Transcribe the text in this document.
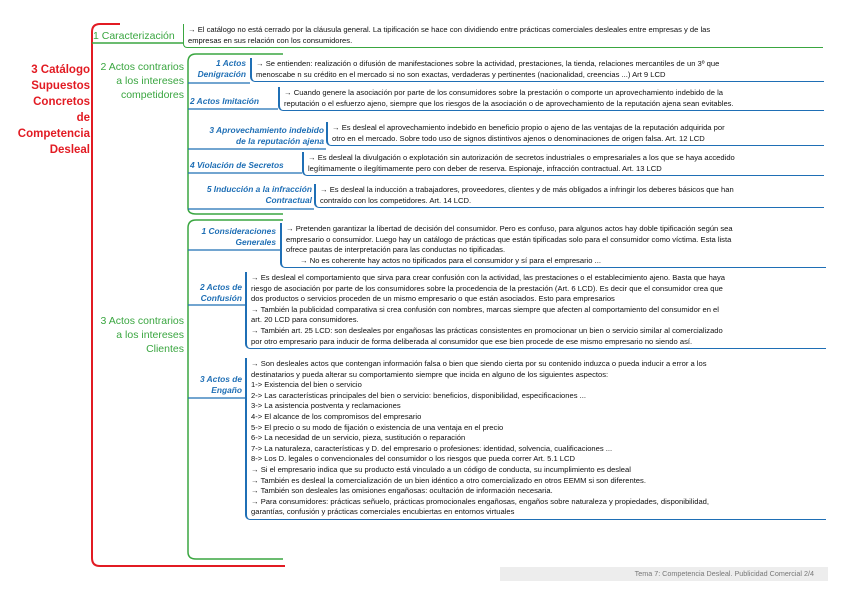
3 Catálogo
Supuestos
Concretos
de
Competencia
Desleal
1 Caracterización
→ El catálogo no está cerrado por la cláusula general. La tipificación se hace con dividiendo entre prácticas comerciales desleales entre empresas y de las
empresas en sus relación con los consumidores.
2 Actos contrarios
a los intereses
competidores
1 Actos
Denigración
→ Se entienden: realización o difusión de manifestaciones sobre la actividad, prestaciones, la tienda, relaciones mercantiles de un 3º que
menoscabe n su crédito en el mercado si no son exactas, verdaderas y pertinentes (nacionalidad, creencias ...) Art 9 LCD
2 Actos Imitación
→ Cuando genere la asociación por parte de los consumidores sobre la prestación o comporte un aprovechamiento indebido de la
reputación o el esfuerzo ajeno, siempre que los riesgos de la asociación o de aprovechamiento de la reputación ajena sean evitables.
3 Aprovechamiento indebido
de la reputación ajena
→ Es desleal el aprovechamiento indebido en beneficio propio o ajeno de las ventajas de la reputación adquirida por
otro en el mercado. Sobre todo uso de signos distintivos ajenos o denominaciones de origen falsa. Art. 12 LCD
4 Violación de Secretos
→ Es desleal la divulgación o explotación sin autorización de secretos industriales o empresariales a los que se haya accedido
legítimamente o ilegítimamente pero con deber de reserva. Espionaje, infracción contractual. Art. 13 LCD
5 Inducción a la infracción
Contractual
→ Es desleal la inducción a trabajadores, proveedores, clientes y de más obligados a infringir los deberes básicos que han
contraído con los competidores. Art. 14 LCD.
3 Actos contrarios
a los intereses
Clientes
1 Consideraciones
Generales
→ Pretenden garantizar la libertad de decisión del consumidor. Pero es confuso, para algunos actos hay doble tipificación según sea
empresario o consumidor. Luego hay un catálogo de prácticas que están tipificadas solo para el consumidor como víctima. Esta lista
ofrece pautas de interpretación para las conductas no tipificadas.
→ No es coherente hay actos no tipificados para el consumidor y sí para el empresario ...
2 Actos de
Confusión
→ Es desleal el comportamiento que sirva para crear confusión con la actividad, las prestaciones o el establecimiento ajeno. Basta que haya
riesgo de asociación por parte de los consumidores sobre la procedencia de la prestación (Art. 6 LCD). Es decir que el consumidor crea que
dos productos o servicios proceden de un mismo empresario o que están asociados. Esto para empresarios
→ También la publicidad comparativa si crea confusión con nombres, marcas siempre que afecten al comportamiento del consumidor en el
art. 20 LCD para consumidores.
→ También art. 25 LCD: son desleales por engañosas las prácticas consistentes en promocionar un bien o servicio similar al comercializado
por otro empresario para inducir de forma deliberada al consumidor que ese bien procede de ese mismo empresario no siendo así.
3 Actos de
Engaño
→ Son desleales actos que contengan información falsa o bien que siendo cierta por su contenido induzca o pueda inducir a error a los
destinatarios y pueda alterar su comportamiento siempre que incida en alguno de los siguientes aspectos:
1-> Existencia del bien o servicio
2-> Las características principales del bien o servicio: beneficios, disponibilidad, especificaciones ...
3-> La asistencia postventa y reclamaciones
4-> El alcance de los compromisos del empresario
5-> El precio o su modo de fijación o existencia de una ventaja en el precio
6-> La necesidad de un servicio, pieza, sustitución o reparación
7-> La naturaleza, características y D. del empresario o profesiones: identidad, solvencia, cualificaciones ...
8-> Los D. legales o convencionales del consumidor o los riesgos que pueda correr Art. 5.1 LCD
→ Si el empresario indica que su producto está vinculado a un código de conducta, su incumplimiento es desleal
→ También es desleal la comercialización de un bien idéntico a otro comercializado en otros EEMM si son diferentes.
→ También son desleales las omisiones engañosas: ocultación de información necesaria.
→ Para consumidores: prácticas señuelo, prácticas promocionales engañosas, engaños sobre naturaleza y propiedades, disponibilidad,
garantías, confusión y prácticas comerciales encubiertas en entornos virtuales
Tema 7: Competencia Desleal. Publicidad Comercial 2/4
